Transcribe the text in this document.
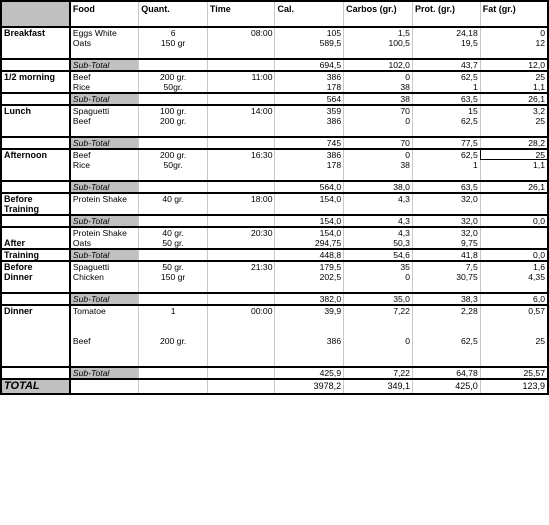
	Food	Quant.	Time	Cal.	Carbos (gr.)	Prot. (gr.)	Fat (gr.)
Breakfast	Eggs White	6	08:00	105	1,5	24,18	0
	Oats	150 gr		589,5	100,5	19,5	12

	Sub-Total			694,5	102,0	43,7	12,0
1/2 morning	Beef	200 gr.	11:00	386	0	62,5	25
	Rice	50gr.		178	38	1	1,1
	Sub-Total			564	38	63,5	26,1
Lunch	Spaguetti	100 gr.	14:00	359	70	15	3,2
	Beef	200 gr.		386	0	62,5	25

	Sub-Total			745	70	77,5	28,2
Afternoon	Beef	200 gr.	16:30	386	0	62,5	25
	Rice	50gr.		178	38	1	1,1

	Sub-Total			564,0	38,0	63,5	26,1
Before	Protein Shake	40 gr.	18:00	154,0	4,3	32,0	
Training							
	Sub-Total			154,0	4,3	32,0	0,0
	Protein Shake	40 gr.	20:30	154,0	4,3	32,0	
After	Oats	50 gr.		294,75	50,3	9,75	
Training	Sub-Total			448,8	54,6	41,8	0,0
Before	Spaguetti	50 gr.	21:30	179,5	35	7,5	1,6
Dinner	Chicken	150 gr		202,5	0	30,75	4,35

	Sub-Total			382,0	35,0	38,3	6,0
Dinner	Tomatoe	1	00:00	39,9	7,22	2,28	0,57

	Beef	200 gr.		386	0	62,5	25

	Sub-Total			425,9	7,22	64,78	25,57
TOTAL				3978,2	349,1	425,0	123,9
